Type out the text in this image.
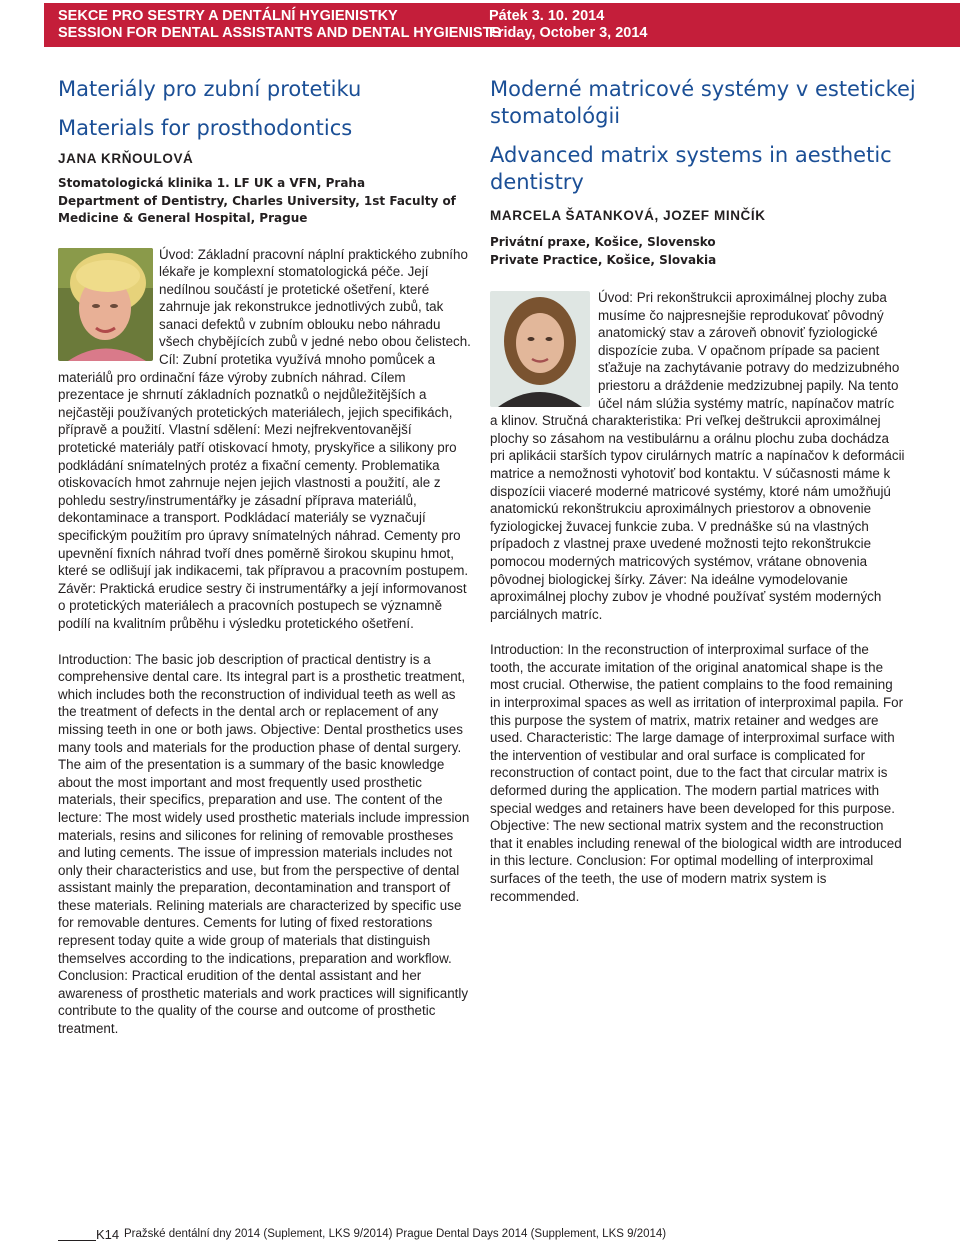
SEKCE PRO SESTRY A DENTÁLNÍ HYGIENISTKY
SESSION FOR DENTAL ASSISTANTS AND DENTAL HYGIENISTS
Pátek 3. 10. 2014
Friday, October 3, 2014
Materiály pro zubní protetiku
Materials for prosthodontics
JANA KRŇOULOVÁ
Stomatologická klinika 1. LF UK a VFN, Praha
Department of Dentistry, Charles University, 1st Faculty of
Medicine & General Hospital, Prague

Úvod: Základní pracovní náplní praktického zubního lékaře je komplexní stomatologická péče. Její nedílnou součástí je protetické ošetření, které zahrnuje jak rekonstrukce jednotlivých zubů, tak sanaci defektů v zubním oblouku nebo náhradu všech chybějících zubů v jedné nebo obou čelistech. Cíl: Zubní protetika využívá mnoho pomůcek a materiálů pro ordinační fáze výroby zubních náhrad. Cílem prezentace je shrnutí základních poznatků o nejdůležitějších a nejčastěji používaných protetických materiálech, jejich specifikách, přípravě a použití. Vlastní sdělení: Mezi nejfrekventovanější protetické materiály patří otiskovací hmoty, pryskyřice a silikony pro podkládání snímatelných protéz a fixační cementy. Problematika otiskovacích hmot zahrnuje nejen jejich vlastnosti a použití, ale z pohledu sestry/instrumentářky je zásadní příprava materiálů, dekontaminace a transport. Podkládací materiály se vyznačují specifickým použitím pro úpravy snímatelných náhrad. Cementy pro upevnění fixních náhrad tvoří dnes poměrně širokou skupinu hmot, které se odlišují jak indikacemi, tak přípravou a pracovním postupem. Závěr: Praktická erudice sestry či instrumentářky a její informovanost o protetických materiálech a pracovních postupech se významně podílí na kvalitním průběhu i výsledku protetického ošetření.

Introduction: The basic job description of practical dentistry is a comprehensive dental care. Its integral part is a prosthetic treatment, which includes both the reconstruction of individual teeth as well as the treatment of defects in the dental arch or replacement of any missing teeth in one or both jaws. Objective: Dental prosthetics uses many tools and materials for the production phase of dental surgery. The aim of the presentation is a summary of the basic knowledge about the most important and most frequently used prosthetic materials, their specifics, preparation and use. The content of the lecture: The most widely used prosthetic materials include impression materials, resins and silicones for relining of removable prostheses and luting cements. The issue of impression materials includes not only their characteristics and use, but from the perspective of dental assistant mainly the preparation, decontamination and transport of these materials. Relining materials are characterized by specific use for removable dentures. Cements for luting of fixed restorations represent today quite a wide group of materials that distinguish themselves according to the indications, preparation and workflow. Conclusion: Practical erudition of the dental assistant and her awareness of prosthetic materials and work practices will significantly contribute to the quality of the course and outcome of prosthetic treatment.

Moderné matricové systémy v estetickej
stomatológii
Advanced matrix systems in aesthetic
dentistry
MARCELA ŠATANKOVÁ, JOZEF MINČÍK
Privátní praxe, Košice, Slovensko
Private Practice, Košice, Slovakia

Úvod: Pri rekonštrukcii aproximálnej plochy zuba musíme čo najpresnejšie reprodukovať pôvodný anatomický stav a zároveň obnoviť fyziologické dispozície zuba. V opačnom prípade sa pacient sťažuje na zachytávanie potravy do medzizubného priestoru a dráždenie medzizubnej papily. Na tento účel nám slúžia systémy matríc, napínačov matríc a klinov. Stručná charakteristika: Pri veľkej deštrukcii aproximálnej plochy so zásahom na vestibulárnu a orálnu plochu zuba dochádza pri aplikácii starších typov cirulárnych matríc a napínačov k deformácii matrice a nemožnosti vyhotoviť bod kontaktu. V súčasnosti máme k dispozícii viaceré moderné matricové systémy, ktoré nám umožňujú anatomickú rekonštrukciu aproximálnych priestorov a obnovenie fyziologickej žuvacej funkcie zuba. V prednáške sú na vlastných prípadoch z vlastnej praxe uvedené možnosti tejto rekonštrukcie pomocou moderných matricových systémov, vrátane obnovenia pôvodnej biologickej šírky. Záver: Na ideálne vymodelovanie aproximálnej plochy zubov je vhodné používať systém moderných parciálnych matríc.

Introduction: In the reconstruction of interproximal surface of the tooth, the accurate imitation of the original anatomical shape is the most crucial. Otherwise, the patient complains to the food remaining in interproximal spaces as well as irritation of interproximal papila. For this purpose the system of matrix, matrix retainer and wedges are used. Characteristic: The large damage of interproximal surface with the intervention of vestibular and oral surface is complicated for reconstruction of contact point, due to the fact that circular matrix is deformed during the application. The modern partial matrices with special wedges and retainers have been developed for this purpose. Objective: The new sectional matrix system and the reconstruction that it enables including renewal of the biological width are introduced in this lecture. Conclusion: For optimal modelling of interproximal surfaces of the teeth, the use of modern matrix system is recommended.

K14 Pražské dentální dny 2014 (Suplement, LKS 9/2014) Prague Dental Days 2014 (Supplement, LKS 9/2014)
